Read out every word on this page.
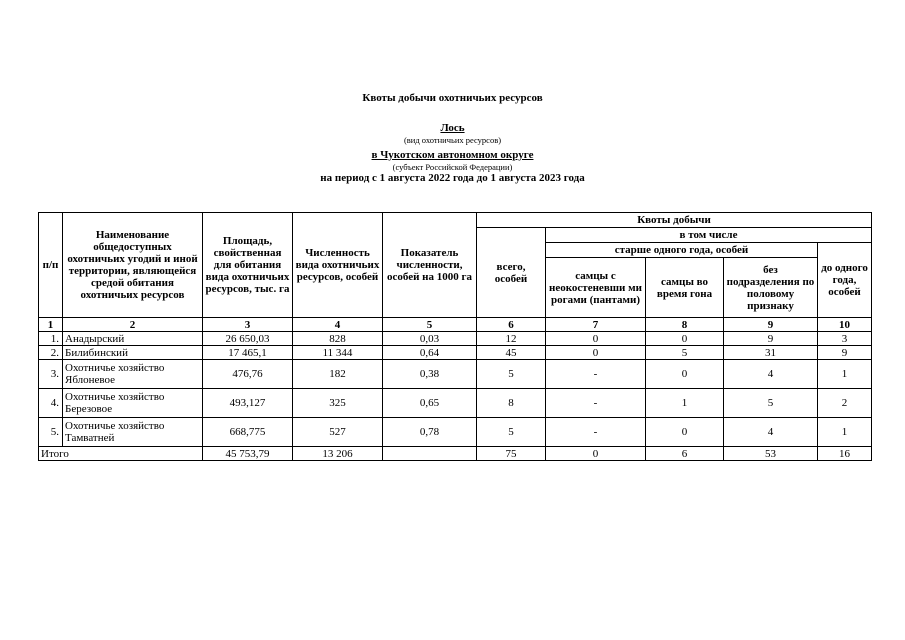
Квоты добычи охотничьих ресурсов
Лось
(вид охотничьих ресурсов)
в Чукотском автономном округе
(субъект Российской Федерации)
на период с 1 августа 2022 года до 1 августа 2023 года
п/п	Наименование общедоступных охотничьих угодий и иной территории, являющейся средой обитания охотничьих ресурсов	Площадь, свойственная для обитания вида охотничьих ресурсов, тыс. га	Численность вида охотничьих ресурсов, особей	Показатель численности, особей на 1000 га	Квоты добычи				
					всего, особей	в том числе			
						старше одного года, особей			до одного года, особей
						самцы с неокостеневши ми рогами (пантами)	самцы во время гона	без подразделения по половому признаку	
1	2	3	4	5	6	7	8	9	10
1.	Анадырский	26 650,03	828	0,03	12	0	0	9	3
2.	Билибинский	17 465,1	11 344	0,64	45	0	5	31	9
3.	Охотничье хозяйство Яблоневое	476,76	182	0,38	5	-	0	4	1
4.	Охотничье хозяйство Березовое	493,127	325	0,65	8	-	1	5	2
5.	Охотничье хозяйство Тамватней	668,775	527	0,78	5	-	0	4	1
Итого		45 753,79	13 206		75	0	6	53	16
